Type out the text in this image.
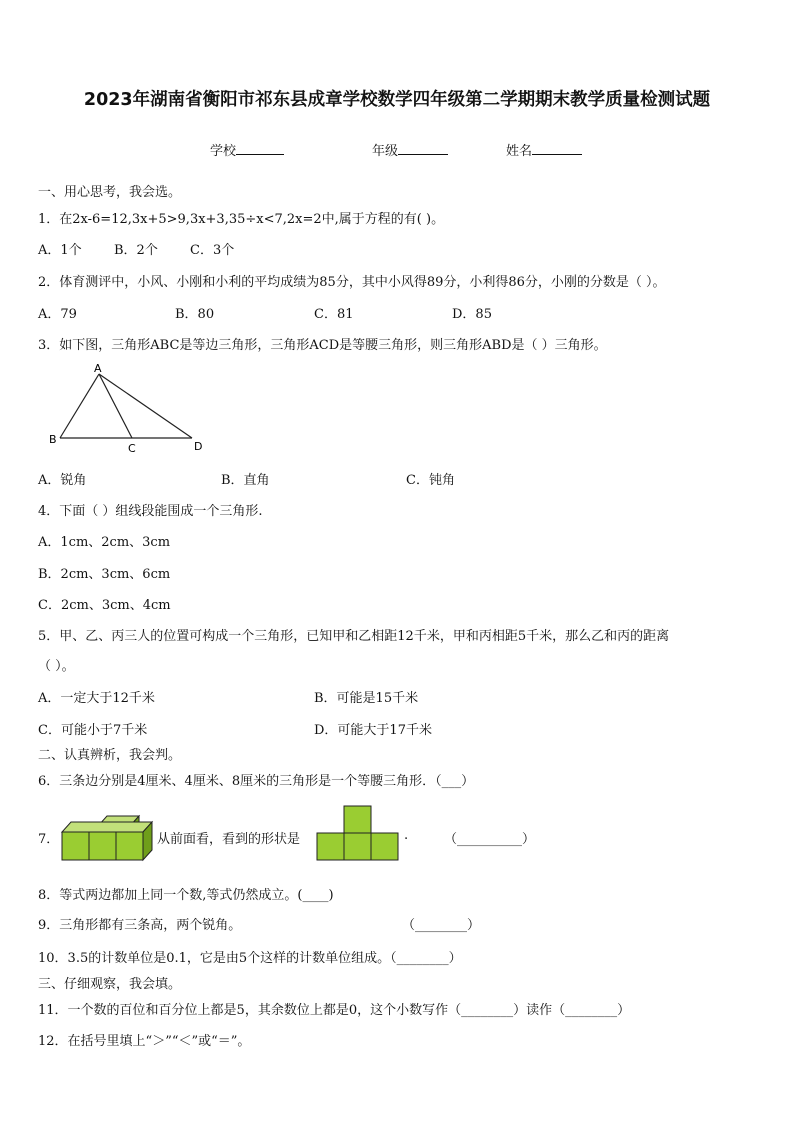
2023年湖南省衡阳市祁东县成章学校数学四年级第二学期期末教学质量检测试题
学校	年级	姓名
一、用心思考，我会选。
1．在2x-6=12,3x+5>9,3x+3,35÷x<7,2x=2中,属于方程的有( )。
A．1个 B．2个 C．3个
2．体育测评中，小风、小刚和小利的平均成绩为85分，其中小风得89分，小利得86分，小刚的分数是（ ）。
A．79	B．80	C．81	D．85
3．如下图，三角形ABC是等边三角形，三角形ACD是等腰三角形，则三角形ABD是（ ）三角形。
A
B
C	D
A．锐角	B．直角	C．钝角
4．下面（ ）组线段能围成一个三角形.
A．1cm、2cm、3cm
B．2cm、3cm、6cm
C．2cm、3cm、4cm
5．甲、乙、丙三人的位置可构成一个三角形，已知甲和乙相距12千米，甲和丙相距5千米，那么乙和丙的距离
（ ）。
A．一定大于12千米	B．可能是15千米
C．可能小于7千米	D．可能大于17千米
二、认真辨析，我会判。
6．三条边分别是4厘米、4厘米、8厘米的三角形是一个等腰三角形．（___）
7．	从前面看，看到的形状是	.	（__________）
8．等式两边都加上同一个数,等式仍然成立。(____)
9．三角形都有三条高，两个锐角。	（________）
10．3.5的计数单位是0.1，它是由5个这样的计数单位组成。（________）
三、仔细观察，我会填。
11．一个数的百位和百分位上都是5，其余数位上都是0，这个小数写作（________）读作（________）
12．在括号里填上“＞”“＜”或“＝”。
